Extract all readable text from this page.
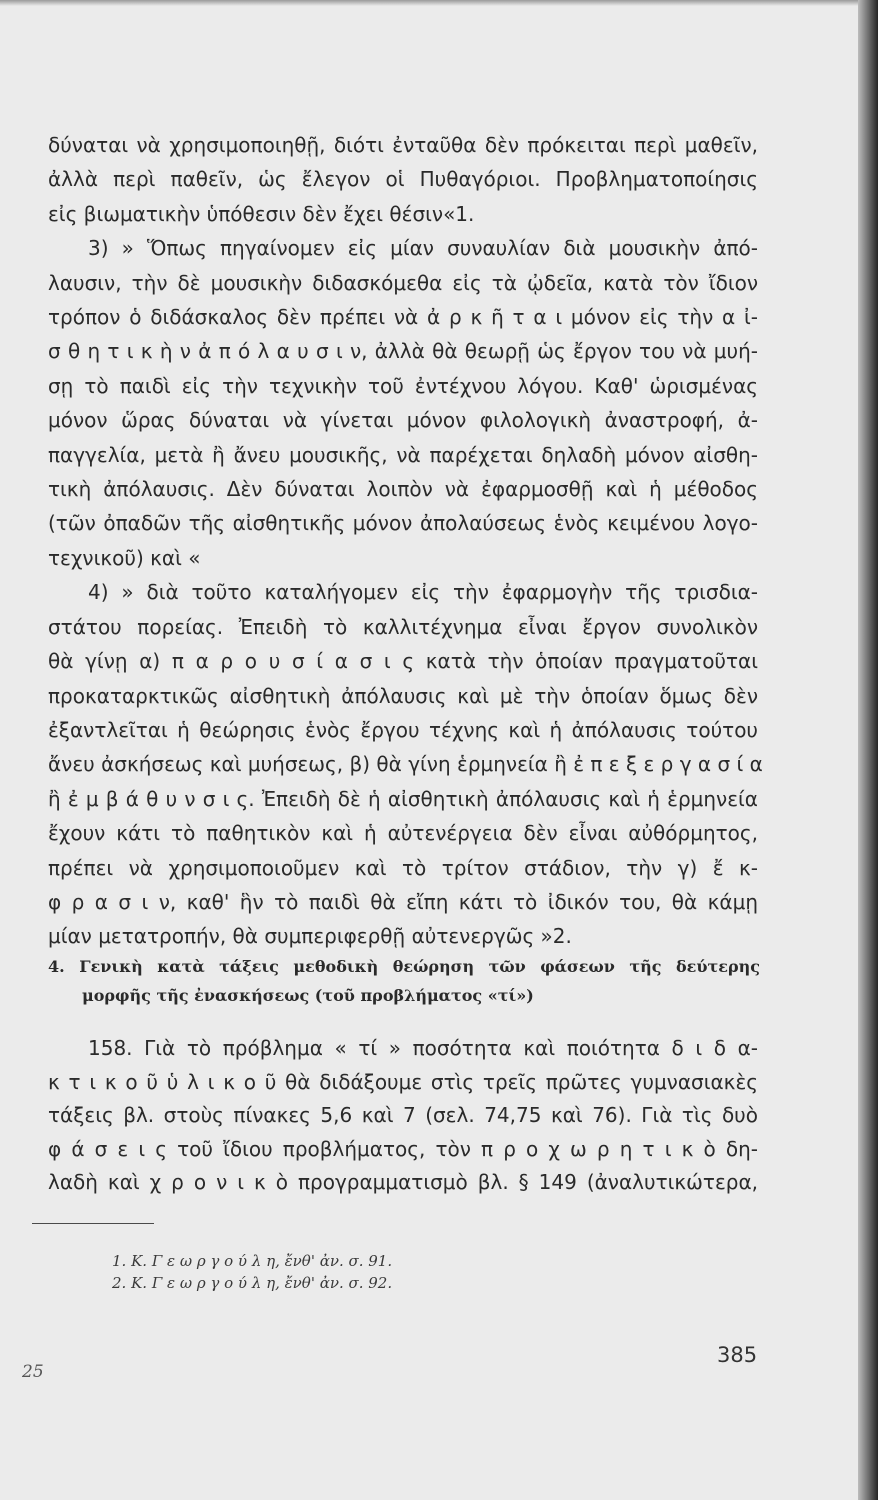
δύναται νὰ χρησιμοποιηθῇ, διότι ἐνταῦθα δὲν πρόκειται περὶ μαθεῖν,
ἀλλὰ περὶ παθεῖν, ὡς ἔλεγον οἱ Πυθαγόριοι. Προβληματοποίησις
εἰς βιωματικὴν ὑπόθεσιν δὲν ἔχει θέσιν«1.

3) » Ὅπως πηγαίνομεν εἰς μίαν συναυλίαν διὰ μουσικὴν ἀπό-
λαυσιν, τὴν δὲ μουσικὴν διδασκόμεθα εἰς τὰ ᾠδεῖα, κατὰ τὸν ἴδιον
τρόπον ὁ διδάσκαλος δὲν πρέπει νὰ ἀ ρ κ ῆ τ α ι μόνον εἰς τὴν α ἰ-
σ θ η τ ι κ ὴ ν ἀ π ό λ α υ σ ι ν, ἀλλὰ θὰ θεωρῇ ὡς ἔργον του νὰ μυή-
σῃ τὸ παιδὶ εἰς τὴν τεχνικὴν τοῦ ἐντέχνου λόγου. Καθ' ὡρισμένας
μόνον ὥρας δύναται νὰ γίνεται μόνον φιλολογικὴ ἀναστροφή, ἀ-
παγγελία, μετὰ ἢ ἄνευ μουσικῆς, νὰ παρέχεται δηλαδὴ μόνον αἰσθη-
τικὴ ἀπόλαυσις. Δὲν δύναται λοιπὸν νὰ ἐφαρμοσθῇ καὶ ἡ μέθοδος
(τῶν ὀπαδῶν τῆς αἰσθητικῆς μόνον ἀπολαύσεως ἑνὸς κειμένου λογο-
τεχνικοῦ) καὶ «

4) » διὰ τοῦτο καταλήγομεν εἰς τὴν ἐφαρμογὴν τῆς τρισδια-
στάτου πορείας. Ἐπειδὴ τὸ καλλιτέχνημα εἶναι ἔργον συνολικὸν
θὰ γίνῃ α) π α ρ ο υ σ ί α σ ι ς κατὰ τὴν ὁποίαν πραγματοῦται
προκαταρκτικῶς αἰσθητικὴ ἀπόλαυσις καὶ μὲ τὴν ὁποίαν ὅμως δὲν
ἐξαντλεῖται ἡ θεώρησις ἑνὸς ἔργου τέχνης καὶ ἡ ἀπόλαυσις τούτου
ἄνευ ἀσκήσεως καὶ μυήσεως, β) θὰ γίνη ἑρμηνεία ἢ ἐ π ε ξ ε ρ γ α σ ί α
ἢ ἐ μ β ά θ υ ν σ ι ς. Ἐπειδὴ δὲ ἡ αἰσθητικὴ ἀπόλαυσις καὶ ἡ ἑρμηνεία
ἔχουν κάτι τὸ παθητικὸν καὶ ἡ αὐτενέργεια δὲν εἶναι αὐθόρμητος,
πρέπει νὰ χρησιμοποιοῦμεν καὶ τὸ τρίτον στάδιον, τὴν γ) ἔ κ-
φ ρ α σ ι ν, καθ' ἣν τὸ παιδὶ θὰ εἴπη κάτι τὸ ἰδικόν του, θὰ κάμῃ
μίαν μετατροπήν, θὰ συμπεριφερθῇ αὐτενεργῶς »2.

4. Γενικὴ κατὰ τάξεις μεθοδικὴ θεώρηση τῶν φάσεων τῆς δεύτερης
μορφῆς τῆς ἐνασκήσεως (τοῦ προβλήματος «τί»)
158. Γιὰ τὸ πρόβλημα « τί » ποσότητα καὶ ποιότητα δ ι δ α-
κ τ ι κ ο ῦ ὑ λ ι κ ο ῦ θὰ διδάξουμε στὶς τρεῖς πρῶτες γυμνασιακὲς
τάξεις βλ. στοὺς πίνακες 5,6 καὶ 7 (σελ. 74,75 καὶ 76). Γιὰ τὶς δυὸ
φ ά σ ε ι ς τοῦ ἴδιου προβλήματος, τὸν π ρ ο χ ω ρ η τ ι κ ὸ δη-
λαδὴ καὶ χ ρ ο ν ι κ ὸ προγραμματισμὸ βλ. § 149 (ἀναλυτικώτερα,
1. Κ. Γ ε ω ρ γ ο ύ λ η, ἔνθ' ἀν. σ. 91.
2. Κ. Γ ε ω ρ γ ο ύ λ η, ἔνθ' ἀν. σ. 92.
385
25
